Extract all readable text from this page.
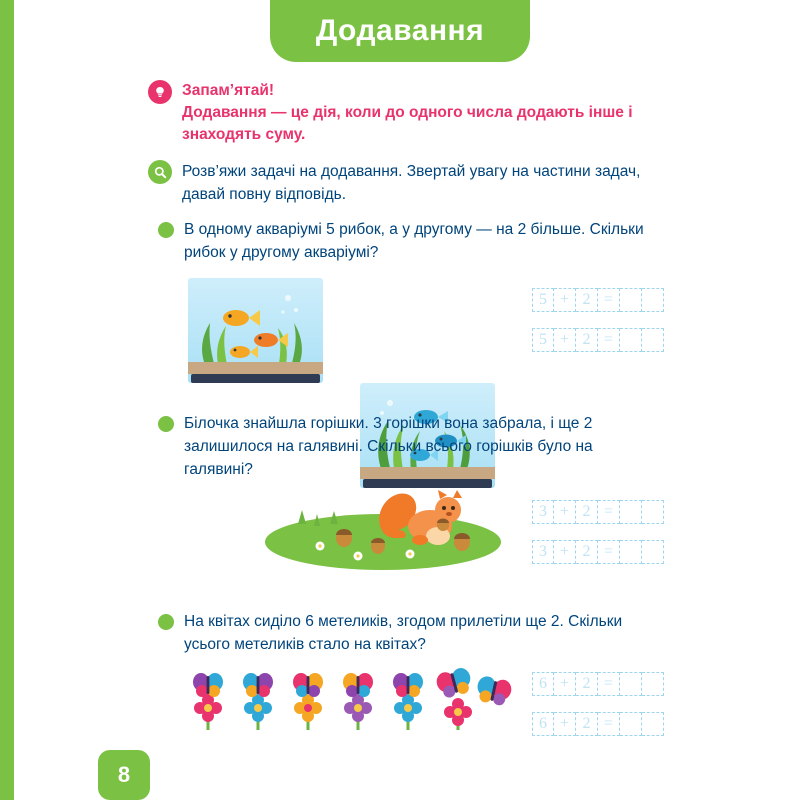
Додавання
Запам’ятай!
Додавання — це дія, коли до одного числа додають інше і знаходять суму.
Розв’яжи задачі на додавання. Звертай увагу на частини задач, давай повну відповідь.
В одному акваріумі 5 рибок, а у другому — на 2 більше. Скільки рибок у другому акваріумі?
5 + 2 =
5 + 2 =
Білочка знайшла горішки. 3 горішки вона забрала, і ще 2 залишилося на галявині. Скільки всього горішків було на галявині?
3 + 2 =
3 + 2 =
На квітах сиділо 6 метеликів, згодом прилетіли ще 2. Скільки усього метеликів стало на квітах?
6 + 2 =
6 + 2 =
8
